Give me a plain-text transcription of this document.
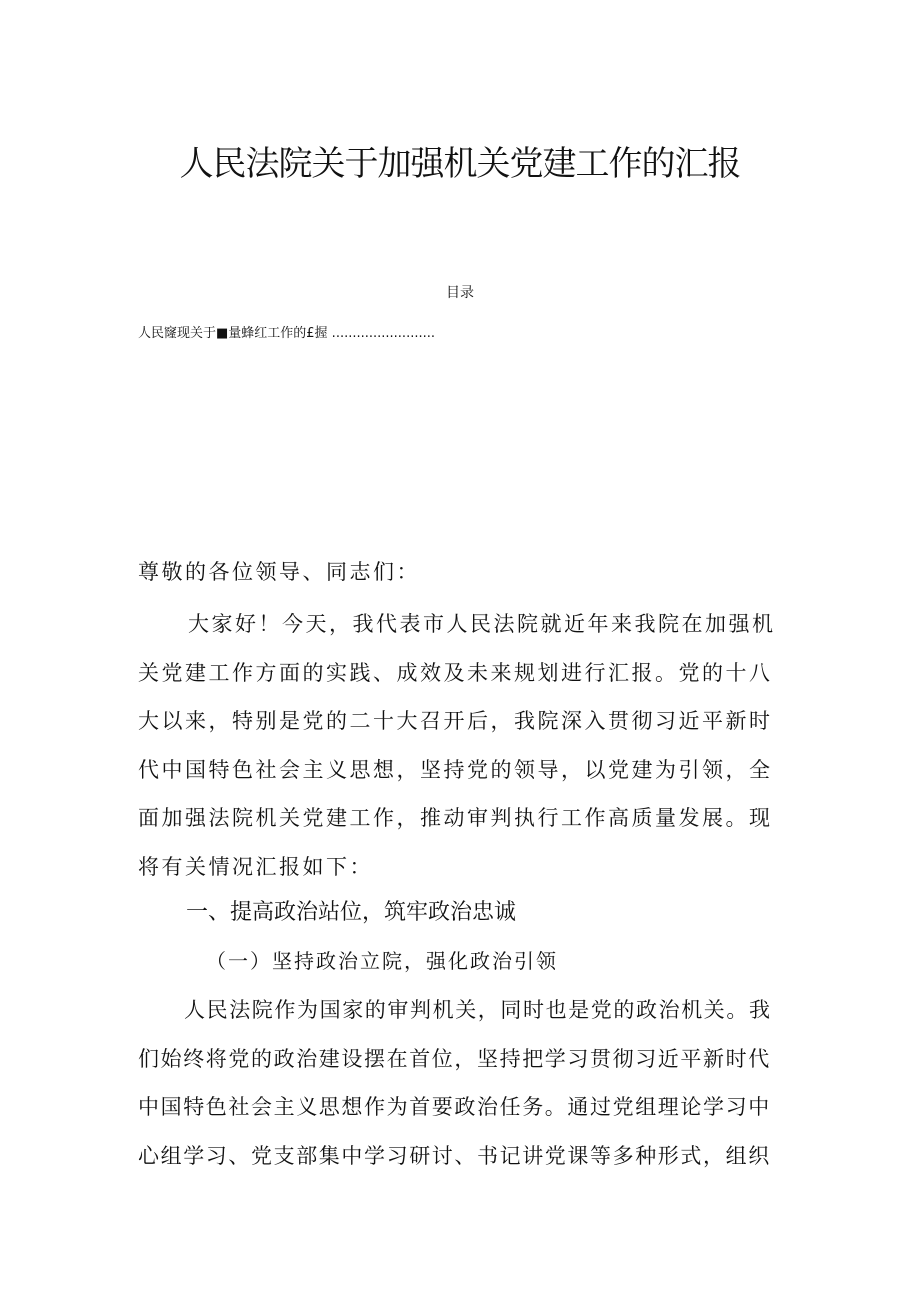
人民法院关于加强机关党建工作的汇报
目录
人民窿现关于■量蜂红工作的£握 .........................

尊敬的各位领导、同志们：

大家好！今天，我代表市人民法院就近年来我院在加强机关党建工作方面的实践、成效及未来规划进行汇报。党的十八大以来，特别是党的二十大召开后，我院深入贯彻习近平新时代中国特色社会主义思想，坚持党的领导，以党建为引领，全面加强法院机关党建工作，推动审判执行工作高质量发展。现将有关情况汇报如下：

一、提高政治站位，筑牢政治忠诚
（一）坚持政治立院，强化政治引领

人民法院作为国家的审判机关，同时也是党的政治机关。我们始终将党的政治建设摆在首位，坚持把学习贯彻习近平新时代中国特色社会主义思想作为首要政治任务。通过党组理论学习中心组学习、党支部集中学习研讨、书记讲党课等多种形式，组织
